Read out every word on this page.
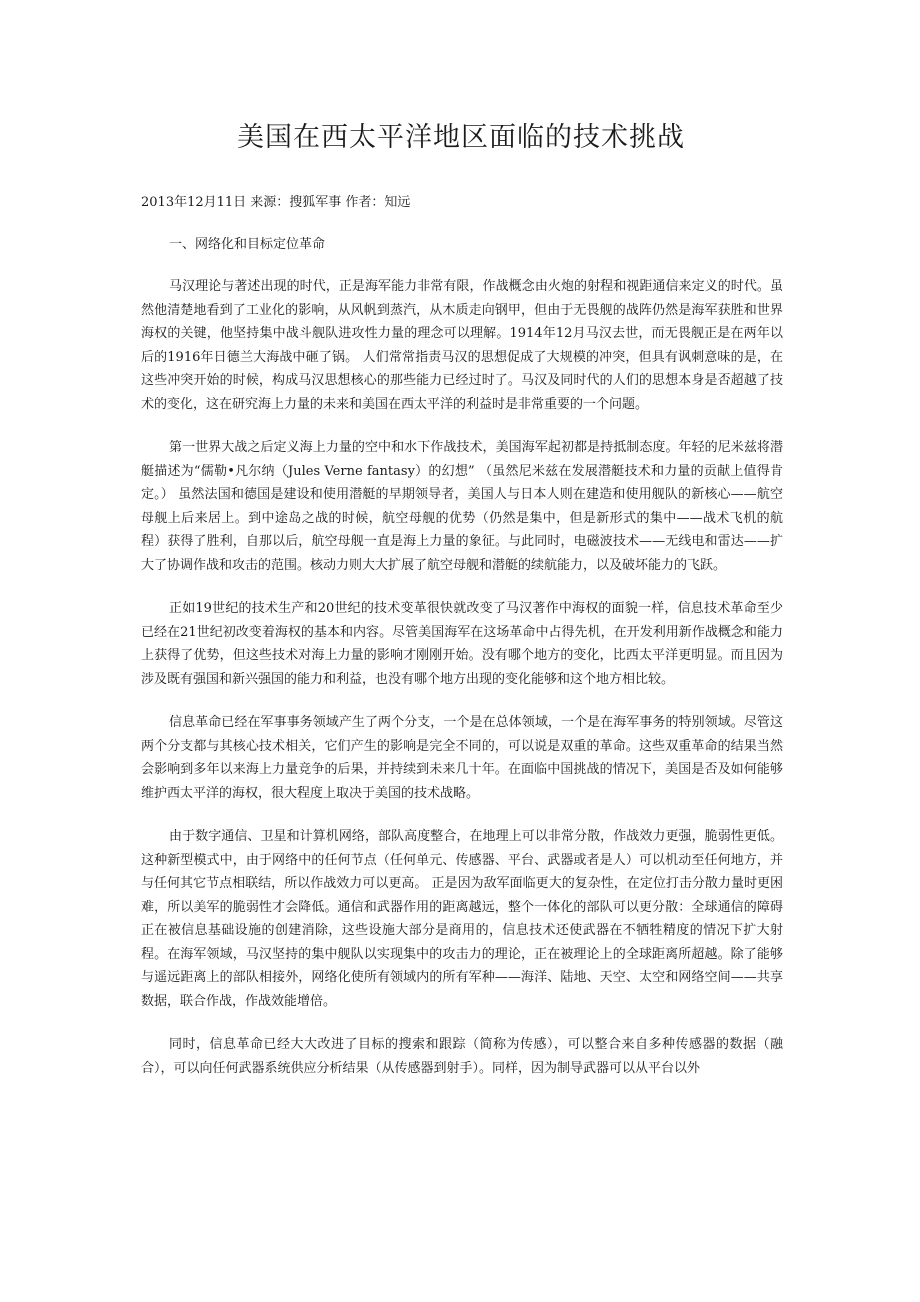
美国在西太平洋地区面临的技术挑战
2013年12月11日 来源：搜狐军事 作者：知远
一、网络化和目标定位革命

马汉理论与著述出现的时代，正是海军能力非常有限，作战概念由火炮的射程和视距通信来定义的时代。虽然他清楚地看到了工业化的影响，从风帆到蒸汽，从木质走向钢甲，但由于无畏舰的战阵仍然是海军获胜和世界海权的关键，他坚持集中战斗舰队进攻性力量的理念可以理解。1914年12月马汉去世，而无畏舰正是在两年以后的1916年日德兰大海战中砸了锅。 人们常常指责马汉的思想促成了大规模的冲突，但具有讽刺意味的是，在这些冲突开始的时候，构成马汉思想核心的那些能力已经过时了。马汉及同时代的人们的思想本身是否超越了技术的变化，这在研究海上力量的未来和美国在西太平洋的利益时是非常重要的一个问题。

第一世界大战之后定义海上力量的空中和水下作战技术，美国海军起初都是持抵制态度。年轻的尼米兹将潜艇描述为“儒勒•凡尔纳（Jules Verne fantasy）的幻想” （虽然尼米兹在发展潜艇技术和力量的贡献上值得肯定。） 虽然法国和德国是建设和使用潜艇的早期领导者，美国人与日本人则在建造和使用舰队的新核心——航空母舰上后来居上。到中途岛之战的时候，航空母舰的优势（仍然是集中，但是新形式的集中——战术飞机的航程）获得了胜利，自那以后，航空母舰一直是海上力量的象征。与此同时，电磁波技术——无线电和雷达——扩大了协调作战和攻击的范围。核动力则大大扩展了航空母舰和潜艇的续航能力，以及破坏能力的飞跃。

正如19世纪的技术生产和20世纪的技术变革很快就改变了马汉著作中海权的面貌一样，信息技术革命至少已经在21世纪初改变着海权的基本和内容。尽管美国海军在这场革命中占得先机，在开发利用新作战概念和能力上获得了优势，但这些技术对海上力量的影响才刚刚开始。没有哪个地方的变化，比西太平洋更明显。而且因为涉及既有强国和新兴强国的能力和利益，也没有哪个地方出现的变化能够和这个地方相比较。

信息革命已经在军事事务领域产生了两个分支，一个是在总体领域，一个是在海军事务的特别领域。尽管这两个分支都与其核心技术相关，它们产生的影响是完全不同的，可以说是双重的革命。这些双重革命的结果当然会影响到多年以来海上力量竞争的后果，并持续到未来几十年。在面临中国挑战的情况下，美国是否及如何能够维护西太平洋的海权，很大程度上取决于美国的技术战略。

由于数字通信、卫星和计算机网络，部队高度整合，在地理上可以非常分散，作战效力更强，脆弱性更低。这种新型模式中，由于网络中的任何节点（任何单元、传感器、平台、武器或者是人）可以机动至任何地方，并与任何其它节点相联结，所以作战效力可以更高。 正是因为敌军面临更大的复杂性，在定位打击分散力量时更困难，所以美军的脆弱性才会降低。通信和武器作用的距离越远，整个一体化的部队可以更分散：全球通信的障碍正在被信息基础设施的创建消除，这些设施大部分是商用的，信息技术还使武器在不牺牲精度的情况下扩大射程。在海军领域，马汉坚持的集中舰队以实现集中的攻击力的理论，正在被理论上的全球距离所超越。除了能够与遥远距离上的部队相接外，网络化使所有领域内的所有军种——海洋、陆地、天空、太空和网络空间——共享数据，联合作战，作战效能增倍。

同时，信息革命已经大大改进了目标的搜索和跟踪（简称为传感），可以整合来自多种传感器的数据（融合），可以向任何武器系统供应分析结果（从传感器到射手）。同样，因为制导武器可以从平台以外
